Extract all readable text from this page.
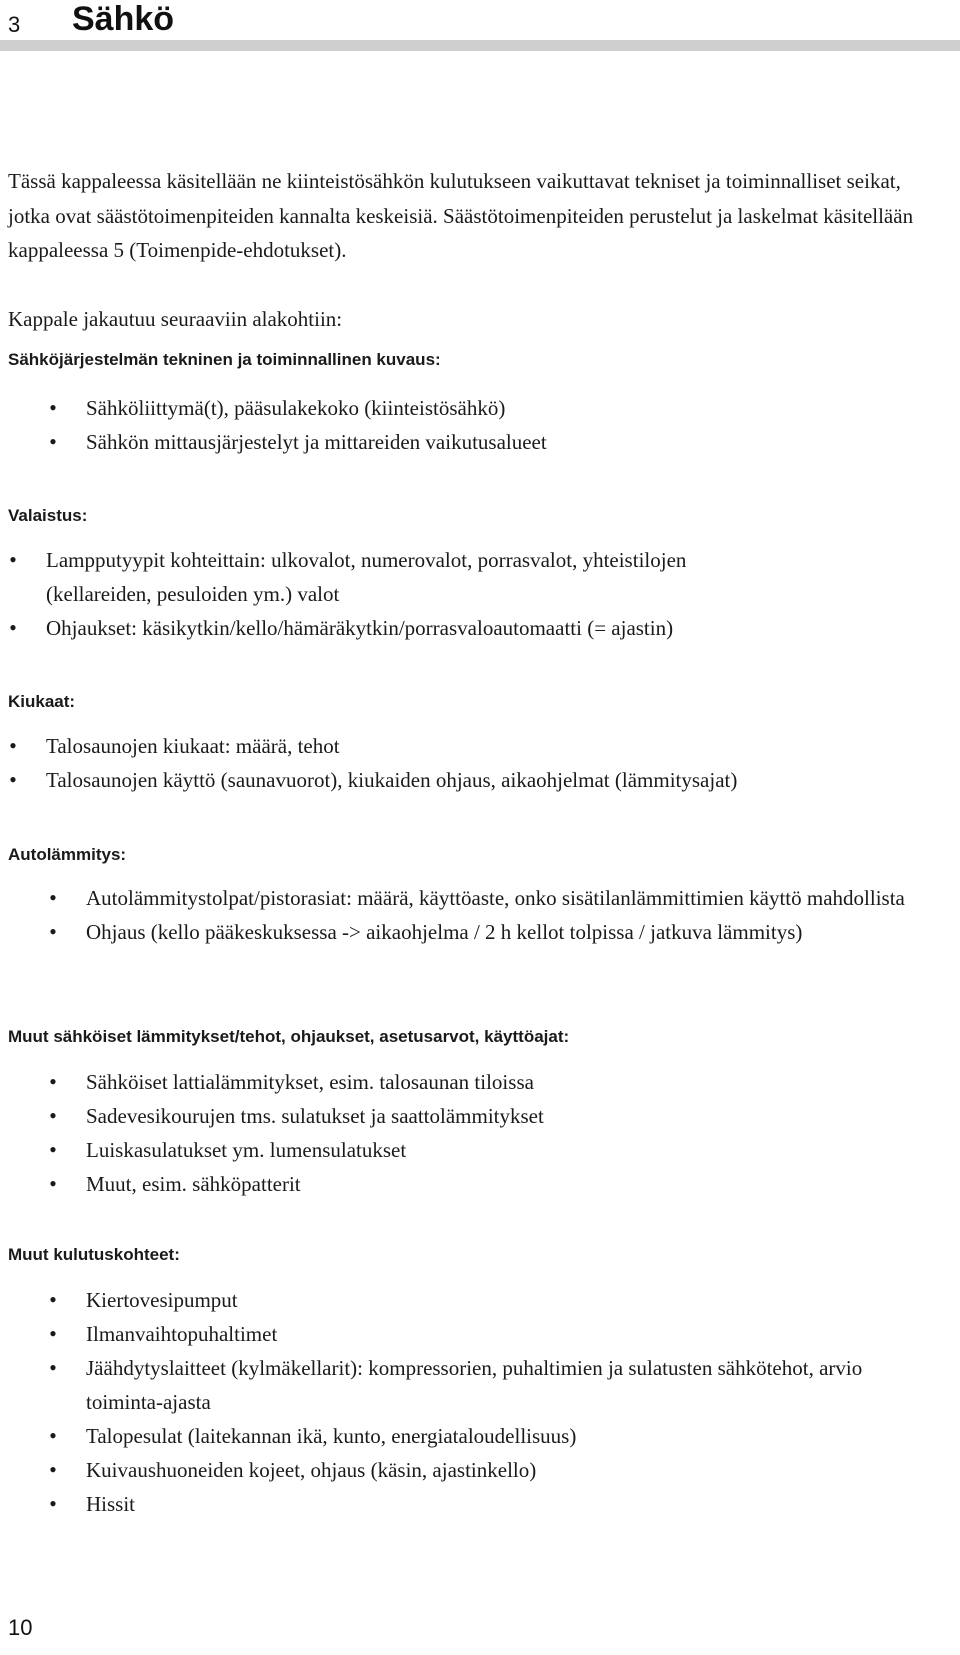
3 Sähkö

Tässä kappaleessa käsitellään ne kiinteistösähkön kulutukseen vaikuttavat tekniset ja toiminnalliset seikat, jotka ovat säästötoimenpiteiden kannalta keskeisiä. Säästötoimenpiteiden perustelut ja laskelmat käsitellään kappaleessa 5 (Toimenpide-ehdotukset).

Kappale jakautuu seuraaviin alakohtiin:

Sähköjärjestelmän tekninen ja toiminnallinen kuvaus:
• Sähköliittymä(t), pääsulakekoko (kiinteistösähkö)
• Sähkön mittausjärjestelyt ja mittareiden vaikutusalueet
Valaistus:
• Lampputyypit kohteittain: ulkovalot, numerovalot, porrasvalot, yhteistilojen (kellareiden, pesuloiden ym.) valot
• Ohjaukset: käsikytkin/kello/hämäräkytkin/porrasvaloautomaatti (= ajastin)
Kiukaat:
• Talosaunojen kiukaat: määrä, tehot
• Talosaunojen käyttö (saunavuorot), kiukaiden ohjaus, aikaohjelmat (lämmitysajat)
Autolämmitys:
• Autolämmitystolpat/pistorasiat: määrä, käyttöaste, onko sisätilanlämmittimien käyttö mahdollista
• Ohjaus (kello pääkeskuksessa -> aikaohjelma / 2 h kellot tolpissa / jatkuva lämmitys)
Muut sähköiset lämmitykset/tehot, ohjaukset, asetusarvot, käyttöajat:
• Sähköiset lattialämmitykset, esim. talosaunan tiloissa
• Sadevesikourujen tms. sulatukset ja saattolämmitykset
• Luiskasulatukset ym. lumensulatukset
• Muut, esim. sähköpatterit
Muut kulutuskohteet:
• Kiertovesipumput
• Ilmanvaihtopuhaltimet
• Jäähdytyslaitteet (kylmäkellarit): kompressorien, puhaltimien ja sulatusten sähkötehot, arvio toiminta-ajasta
• Talopesulat (laitekannan ikä, kunto, energiataloudellisuus)
• Kuivaushuoneiden kojeet, ohjaus (käsin, ajastinkello)
• Hissit
10
